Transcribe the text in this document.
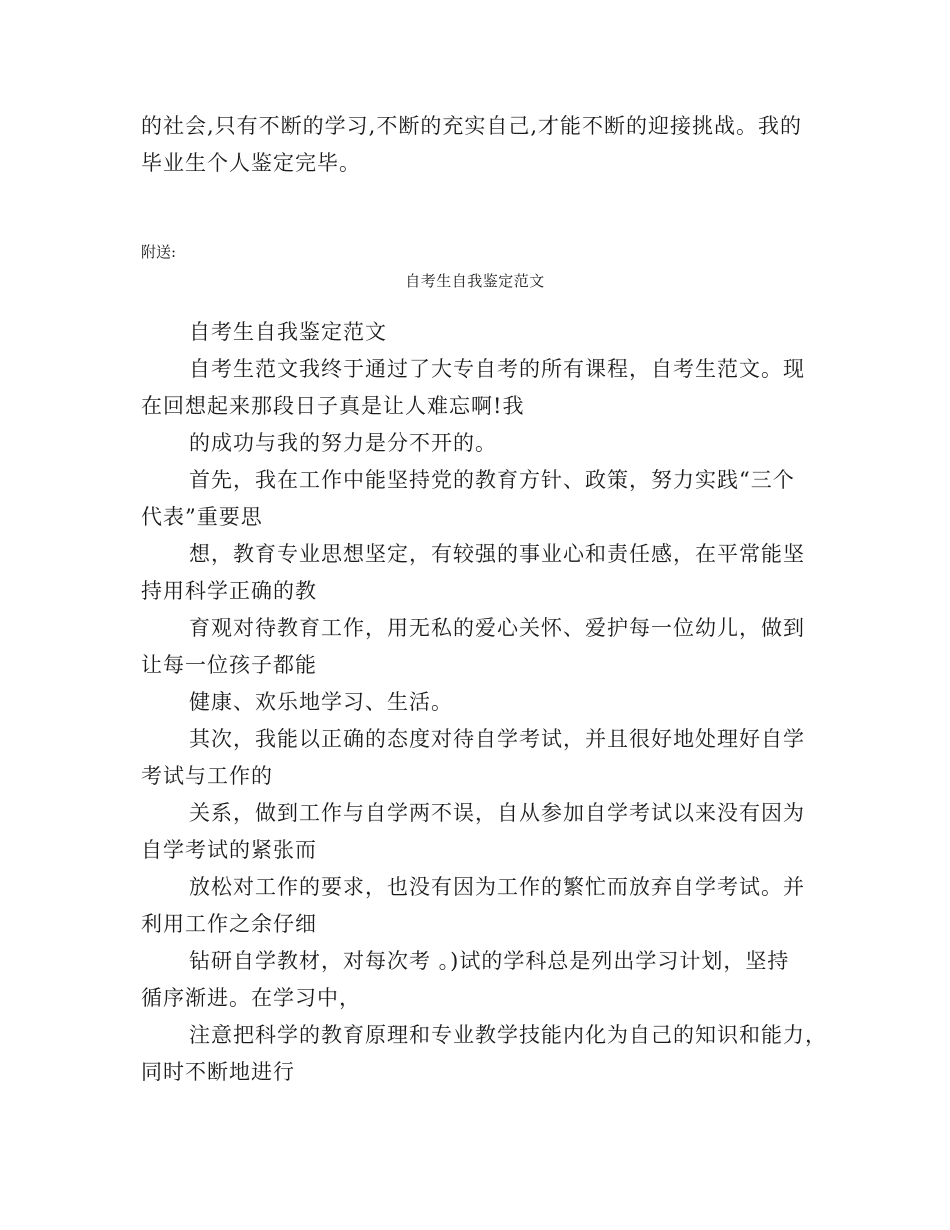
的社会,只有不断的学习,不断的充实自己,才能不断的迎接挑战。我的
毕业生个人鉴定完毕。
附送:
自考生自我鉴定范文
自考生自我鉴定范文
自考生范文我终于通过了大专自考的所有课程，自考生范文。现
在回想起来那段日子真是让人难忘啊!我
的成功与我的努力是分不开的。
首先，我在工作中能坚持党的教育方针、政策，努力实践“三个
代表”重要思
想，教育专业思想坚定，有较强的事业心和责任感，在平常能坚
持用科学正确的教
育观对待教育工作，用无私的爱心关怀、爱护每一位幼儿，做到
让每一位孩子都能
健康、欢乐地学习、生活。
其次，我能以正确的态度对待自学考试，并且很好地处理好自学
考试与工作的
关系，做到工作与自学两不误，自从参加自学考试以来没有因为
自学考试的紧张而
放松对工作的要求，也没有因为工作的繁忙而放弃自学考试。并
利用工作之余仔细
钻研自学教材，对每次考 。)试的学科总是列出学习计划，坚持
循序渐进。在学习中，
注意把科学的教育原理和专业教学技能内化为自己的知识和能力，
同时不断地进行
